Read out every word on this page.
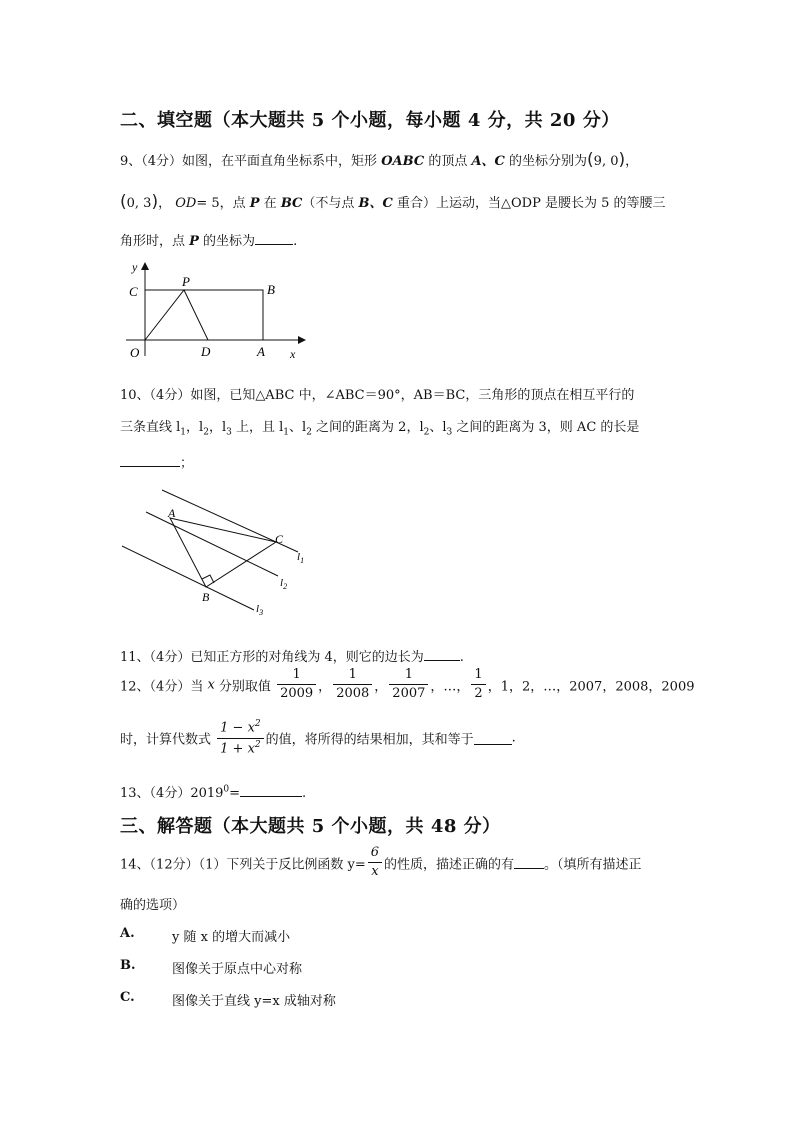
二、填空题（本大题共 5 个小题，每小题 4 分，共 20 分）
9、（4分）如图，在平面直角坐标系中，矩形 OABC 的顶点 A、C 的坐标分别为(9, 0)，
(0, 3)， OD= 5，点 P 在 BC（不与点 B、C 重合）上运动，当△ODP 是腰长为 5 的等腰三
角形时，点 P 的坐标为	.
y
P
C	B
O	D	A x
10、（4分）如图，已知△ABC 中，∠ABC＝90°，AB＝BC，三角形的顶点在相互平行的
三条直线 $l_1$，$l_2$，$l_3$ 上，且 $l_1$、$l_2$ 之间的距离为 2，$l_2$、$l_3$ 之间的距离为 3，则 AC 的长是
；
A
C
B
$l_1$
$l_2$
$l_3$
11、（4分）已知正方形的对角线为 4，则它的边长为	.
12、（4分）当 x 分别取值 $\frac{1}{2009}$ ， $\frac{1}{2008}$ ， $\frac{1}{2007}$ ，…， $\frac{1}{2}$ ，1，2，…，2007，2008，2009
时，计算代数式 $\frac{1 - x^2}{1 + x^2}$ 的值，将所得的结果相加，其和等于	.
13、（4分）$2019^0=$	.
三、解答题（本大题共 5 个小题，共 48 分）
14、（12分）（1）下列关于反比例函数 $y= \frac{6}{x}$ 的性质，描述正确的有 。（填所有描述正
确的选项）
A.	y 随 x 的增大而减小
B.	图像关于原点中心对称
C.	图像关于直线 y=x 成轴对称
